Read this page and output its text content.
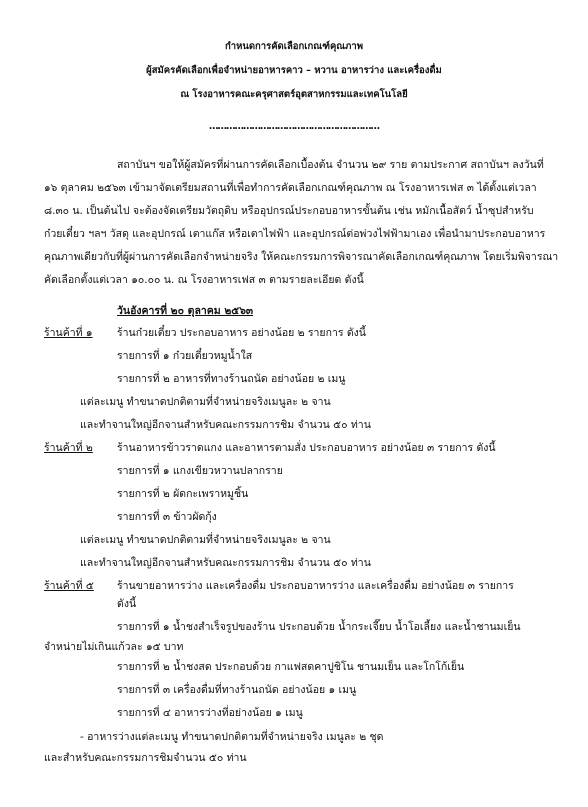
กำหนดการคัดเลือกเกณฑ์คุณภาพ
ผู้สมัครคัดเลือกเพื่อจำหน่ายอาหารคาว – หวาน อาหารว่าง และเครื่องดื่ม
ณ โรงอาหารคณะครุศาสตร์อุตสาหกรรมและเทคโนโลยี
……………………………………………………
สถาบันฯ ขอให้ผู้สมัครที่ผ่านการคัดเลือกเบื้องต้น จำนวน ๒๙ ราย ตามประกาศ สถาบันฯ ลงวันที่
๑๖ ตุลาคม ๒๕๖๓ เข้ามาจัดเตรียมสถานที่เพื่อทำการคัดเลือกเกณฑ์คุณภาพ ณ โรงอาหารเฟส ๓ ได้ตั้งแต่เวลา
๘.๓๐ น. เป็นต้นไป จะต้องจัดเตรียมวัตถุดิบ หรืออุปกรณ์ประกอบอาหารขั้นต้น เช่น หมักเนื้อสัตว์ น้ำซุปสำหรับ
ก๋วยเตี๋ยว ฯลฯ วัสดุ และอุปกรณ์ เตาแก๊ส หรือเตาไฟฟ้า และอุปกรณ์ต่อพ่วงไฟฟ้ามาเอง เพื่อนำมาประกอบอาหาร
คุณภาพเดียวกับที่ผู้ผ่านการคัดเลือกจำหน่ายจริง ให้คณะกรรมการพิจารณาคัดเลือกเกณฑ์คุณภาพ โดยเริ่มพิจารณา
คัดเลือกตั้งแต่เวลา ๑๐.๐๐ น. ณ โรงอาหารเฟส ๓ ตามรายละเอียด ดังนี้
วันอังคารที่ ๒๐ ตุลาคม ๒๕๖๓
ร้านค้าที่ ๑ ร้านก๋วยเตี๋ยว ประกอบอาหาร อย่างน้อย ๒ รายการ ดังนี้
รายการที่ ๑ ก๋วยเตี๋ยวหมูน้ำใส
รายการที่ ๒ อาหารที่ทางร้านถนัด อย่างน้อย ๒ เมนู
แต่ละเมนู ทำขนาดปกติตามที่จำหน่ายจริงเมนูละ ๒ จาน
และทำจานใหญ่อีกจานสำหรับคณะกรรมการชิม จำนวน ๕๐ ท่าน
ร้านค้าที่ ๒ ร้านอาหารข้าวราดแกง และอาหารตามสั่ง ประกอบอาหาร อย่างน้อย ๓ รายการ ดังนี้
รายการที่ ๑ แกงเขียวหวานปลากราย
รายการที่ ๒ ผัดกะเพราหมูชิ้น
รายการที่ ๓ ข้าวผัดกุ้ง
แต่ละเมนู ทำขนาดปกติตามที่จำหน่ายจริงเมนูละ ๒ จาน
และทำจานใหญ่อีกจานสำหรับคณะกรรมการชิม จำนวน ๕๐ ท่าน
ร้านค้าที่ ๕ ร้านขายอาหารว่าง และเครื่องดื่ม ประกอบอาหารว่าง และเครื่องดื่ม อย่างน้อย ๓ รายการ
ดังนี้
รายการที่ ๑ น้ำชงสำเร็จรูปของร้าน ประกอบด้วย น้ำกระเจี๊ยบ น้ำโอเลี้ยง และน้ำชานมเย็น
จำหน่ายไม่เกินแก้วละ ๑๕ บาท
รายการที่ ๒ น้ำชงสด ประกอบด้วย กาแฟสดคาปูชิโน ชานมเย็น และโกโก้เย็น
รายการที่ ๓ เครื่องดื่มที่ทางร้านถนัด อย่างน้อย ๑ เมนู
รายการที่ ๔ อาหารว่างที่อย่างน้อย ๑ เมนู
- อาหารว่างแต่ละเมนู ทำขนาดปกติตามที่จำหน่ายจริง เมนูละ ๒ ชุด
และสำหรับคณะกรรมการชิมจำนวน ๕๐ ท่าน
